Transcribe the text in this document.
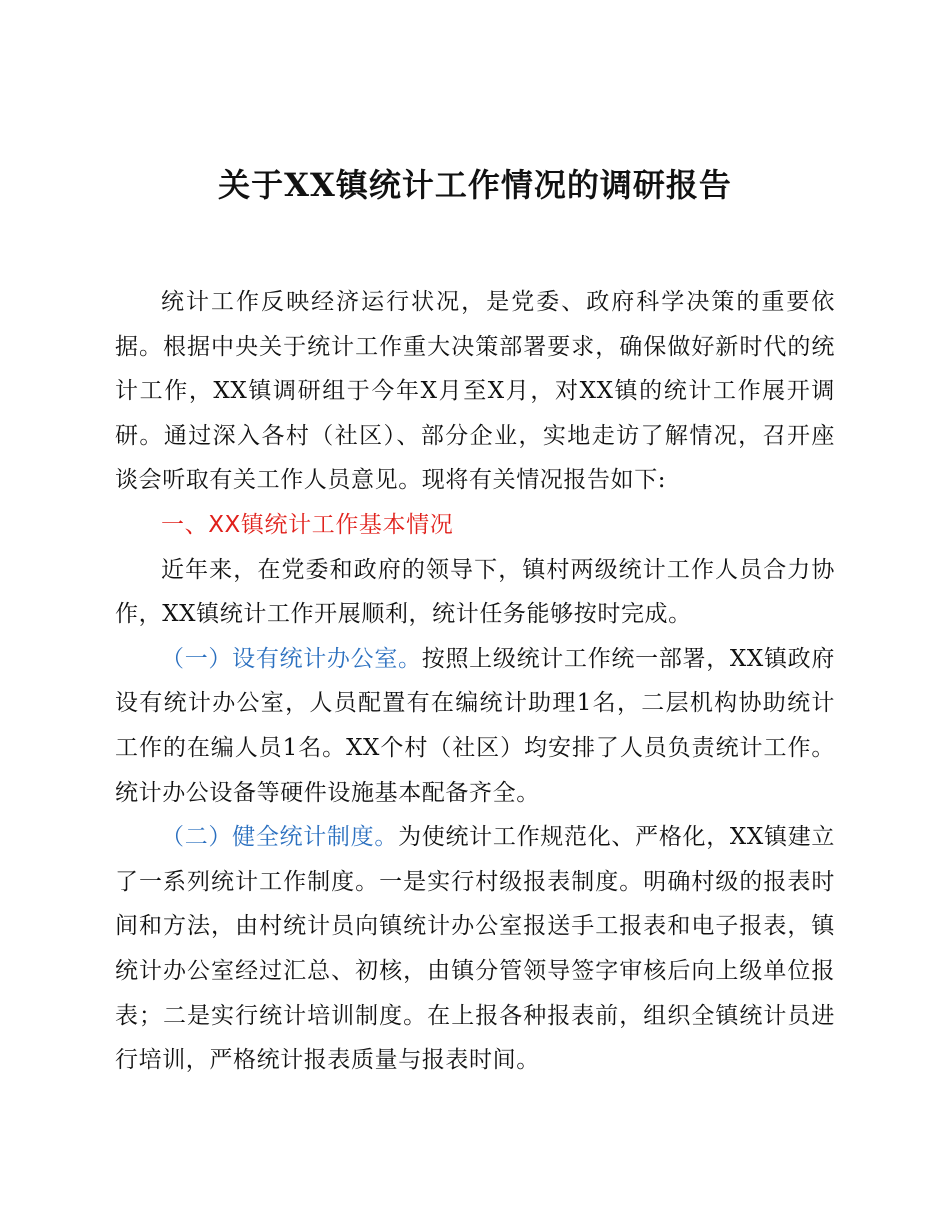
关于XX镇统计工作情况的调研报告

统计工作反映经济运行状况，是党委、政府科学决策的重要依据。根据中央关于统计工作重大决策部署要求，确保做好新时代的统计工作，XX镇调研组于今年X月至X月，对XX镇的统计工作展开调研。通过深入各村（社区）、部分企业，实地走访了解情况，召开座谈会听取有关工作人员意见。现将有关情况报告如下:

一、XX镇统计工作基本情况

近年来，在党委和政府的领导下，镇村两级统计工作人员合力协作，XX镇统计工作开展顺利，统计任务能够按时完成。

（一）设有统计办公室。按照上级统计工作统一部署，XX镇政府设有统计办公室，人员配置有在编统计助理1名，二层机构协助统计工作的在编人员1名。XX个村（社区）均安排了人员负责统计工作。统计办公设备等硬件设施基本配备齐全。

（二）健全统计制度。为使统计工作规范化、严格化，XX镇建立了一系列统计工作制度。一是实行村级报表制度。明确村级的报表时间和方法，由村统计员向镇统计办公室报送手工报表和电子报表，镇统计办公室经过汇总、初核，由镇分管领导签字审核后向上级单位报表；二是实行统计培训制度。在上报各种报表前，组织全镇统计员进行培训，严格统计报表质量与报表时间。
